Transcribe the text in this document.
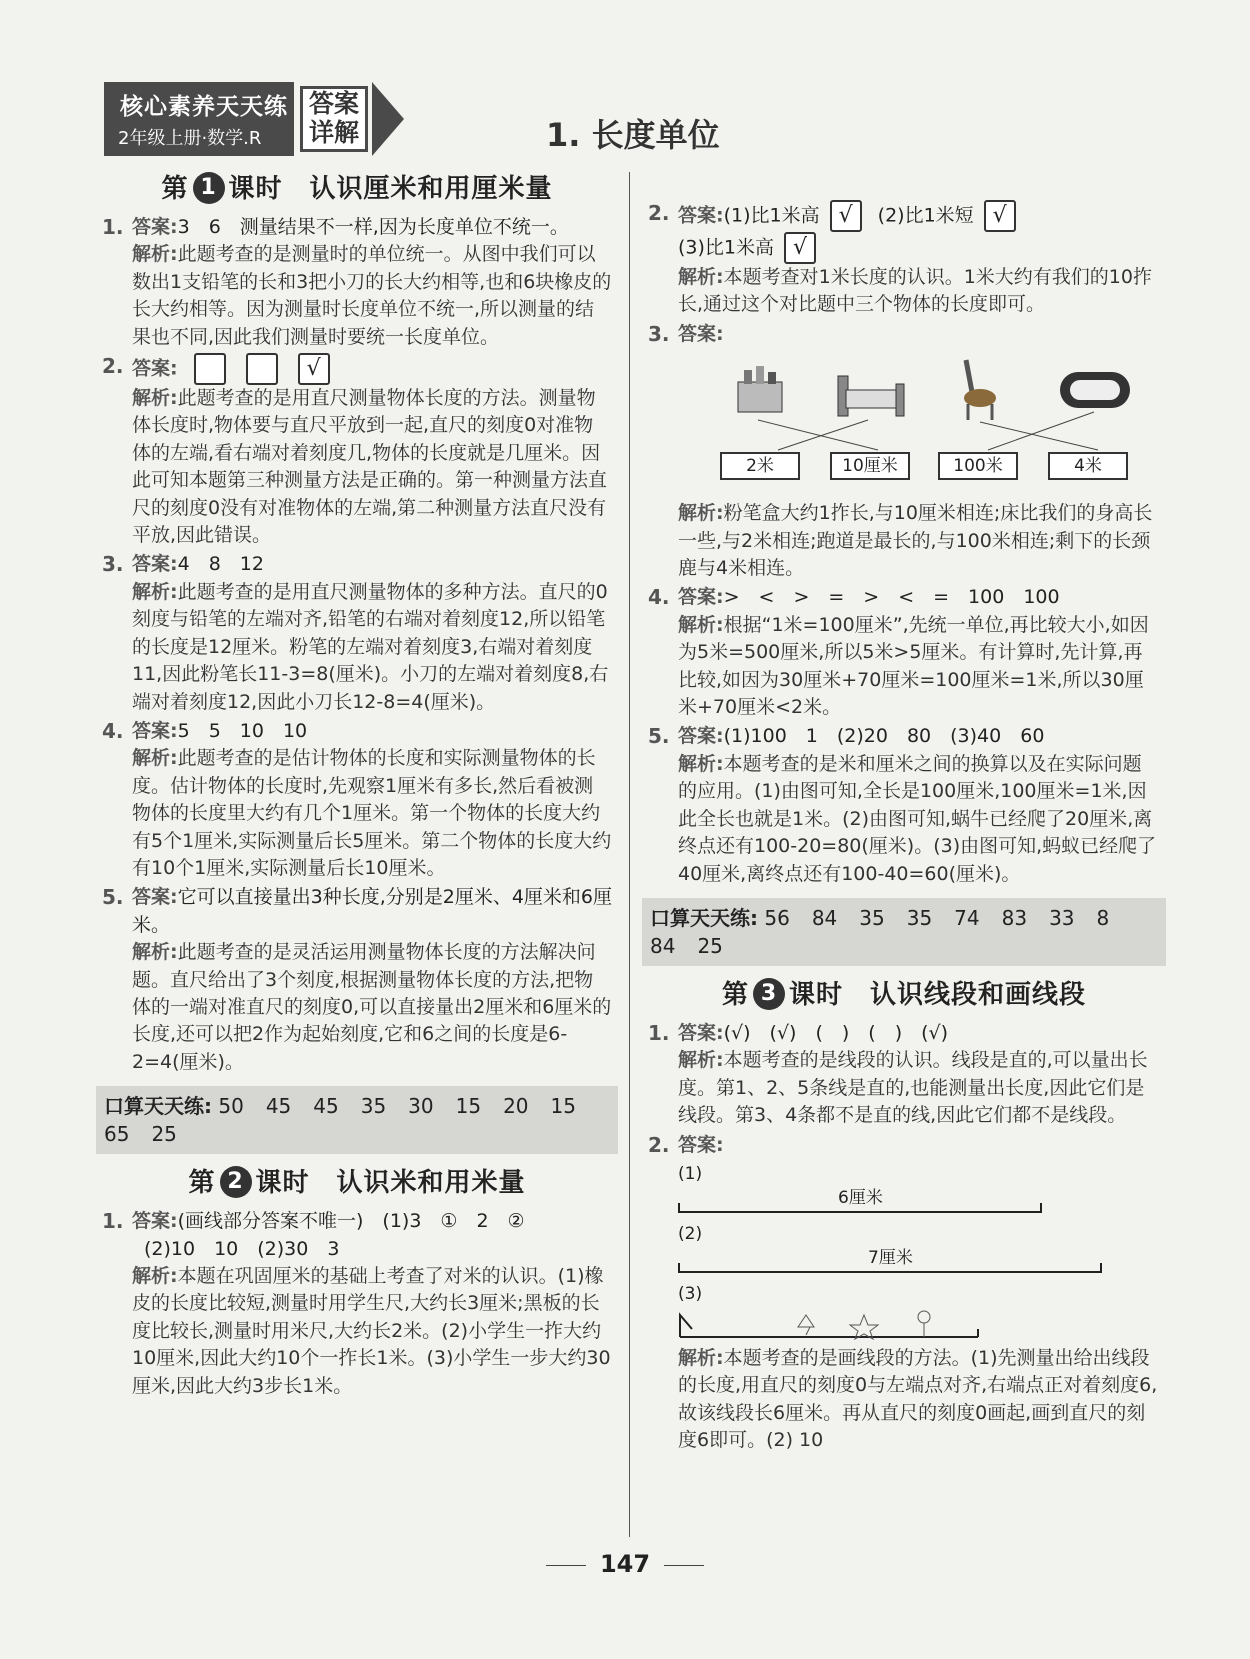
核心素养天天练
2年级上册·数学.R
答案详解	1. 长度单位
第 1 课时　认识厘米和用厘米量
1. 答案:3　6　测量结果不一样,因为长度单位不统一。
解析:此题考查的是测量时的单位统一。从图中我们可以数出1支铅笔的长和3把小刀的长大约相等,也和6块橡皮的长大约相等。因为测量时长度单位不统一,所以测量的结果也不同,因此我们测量时要统一长度单位。
2. 答案:	√
解析:此题考查的是用直尺测量物体长度的方法。测量物体长度时,物体要与直尺平放到一起,直尺的刻度0对准物体的左端,看右端对着刻度几,物体的长度就是几厘米。因此可知本题第三种测量方法是正确的。第一种测量方法直尺的刻度0没有对准物体的左端,第二种测量方法直尺没有平放,因此错误。
3. 答案:4　8　12
解析:此题考查的是用直尺测量物体的多种方法。直尺的0刻度与铅笔的左端对齐,铅笔的右端对着刻度12,所以铅笔的长度是12厘米。粉笔的左端对着刻度3,右端对着刻度11,因此粉笔长11-3=8(厘米)。小刀的左端对着刻度8,右端对着刻度12,因此小刀长12-8=4(厘米)。
4. 答案:5　5　10　10
解析:此题考查的是估计物体的长度和实际测量物体的长度。估计物体的长度时,先观察1厘米有多长,然后看被测物体的长度里大约有几个1厘米。第一个物体的长度大约有5个1厘米,实际测量后长5厘米。第二个物体的长度大约有10个1厘米,实际测量后长10厘米。
5. 答案:它可以直接量出3种长度,分别是2厘米、4厘米和6厘米。
解析:此题考查的是灵活运用测量物体长度的方法解决问题。直尺给出了3个刻度,根据测量物体长度的方法,把物体的一端对准直尺的刻度0,可以直接量出2厘米和6厘米的长度,还可以把2作为起始刻度,它和6之间的长度是6-2=4(厘米)。
口算天天练: 50 45 45 35 30 15 20 15 65 25
第 2 课时　认识米和用米量
1. 答案:(画线部分答案不唯一)　(1)3　①　2　②
(2)10　10　(2)30　3
解析:本题在巩固厘米的基础上考查了对米的认识。(1)橡皮的长度比较短,测量时用学生尺,大约长3厘米;黑板的长度比较长,测量时用米尺,大约长2米。(2)小学生一拃大约10厘米,因此大约10个一拃长1米。(3)小学生一步大约30厘米,因此大约3步长1米。
2. 答案:(1)比1米高 √ (2)比1米短 √
(3)比1米高 √
解析:本题考查对1米长度的认识。1米大约有我们的10拃长,通过这个对比题中三个物体的长度即可。
3. 答案:
2米	10厘米	100米	4米
解析:粉笔盒大约1拃长,与10厘米相连;床比我们的身高长一些,与2米相连;跑道是最长的,与100米相连;剩下的长颈鹿与4米相连。
4. 答案:>　<　>　=　>　<　=　100　100
解析:根据“1米=100厘米”,先统一单位,再比较大小,如因为5米=500厘米,所以5米>5厘米。有计算时,先计算,再比较,如因为30厘米+70厘米=100厘米=1米,所以30厘米+70厘米<2米。
5. 答案:(1)100　1　(2)20　80　(3)40　60
解析:本题考查的是米和厘米之间的换算以及在实际问题的应用。(1)由图可知,全长是100厘米,100厘米=1米,因此全长也就是1米。(2)由图可知,蜗牛已经爬了20厘米,离终点还有100-20=80(厘米)。(3)由图可知,蚂蚁已经爬了40厘米,离终点还有100-40=60(厘米)。
口算天天练: 56 84 35 35 74 83 33 8 84 25
第 3 课时　认识线段和画线段
1. 答案:(√)　(√)　(　)　(　)　(√)
解析:本题考查的是线段的认识。线段是直的,可以量出长度。第1、2、5条线是直的,也能测量出长度,因此它们是线段。第3、4条都不是直的线,因此它们都不是线段。
2. 答案:
(1)
6厘米
(2)
7厘米
(3)
解析:本题考查的是画线段的方法。(1)先测量出给出线段的长度,用直尺的刻度0与左端点对齐,右端点正对着刻度6,故该线段长6厘米。再从直尺的刻度0画起,画到直尺的刻度6即可。(2) 10
147
